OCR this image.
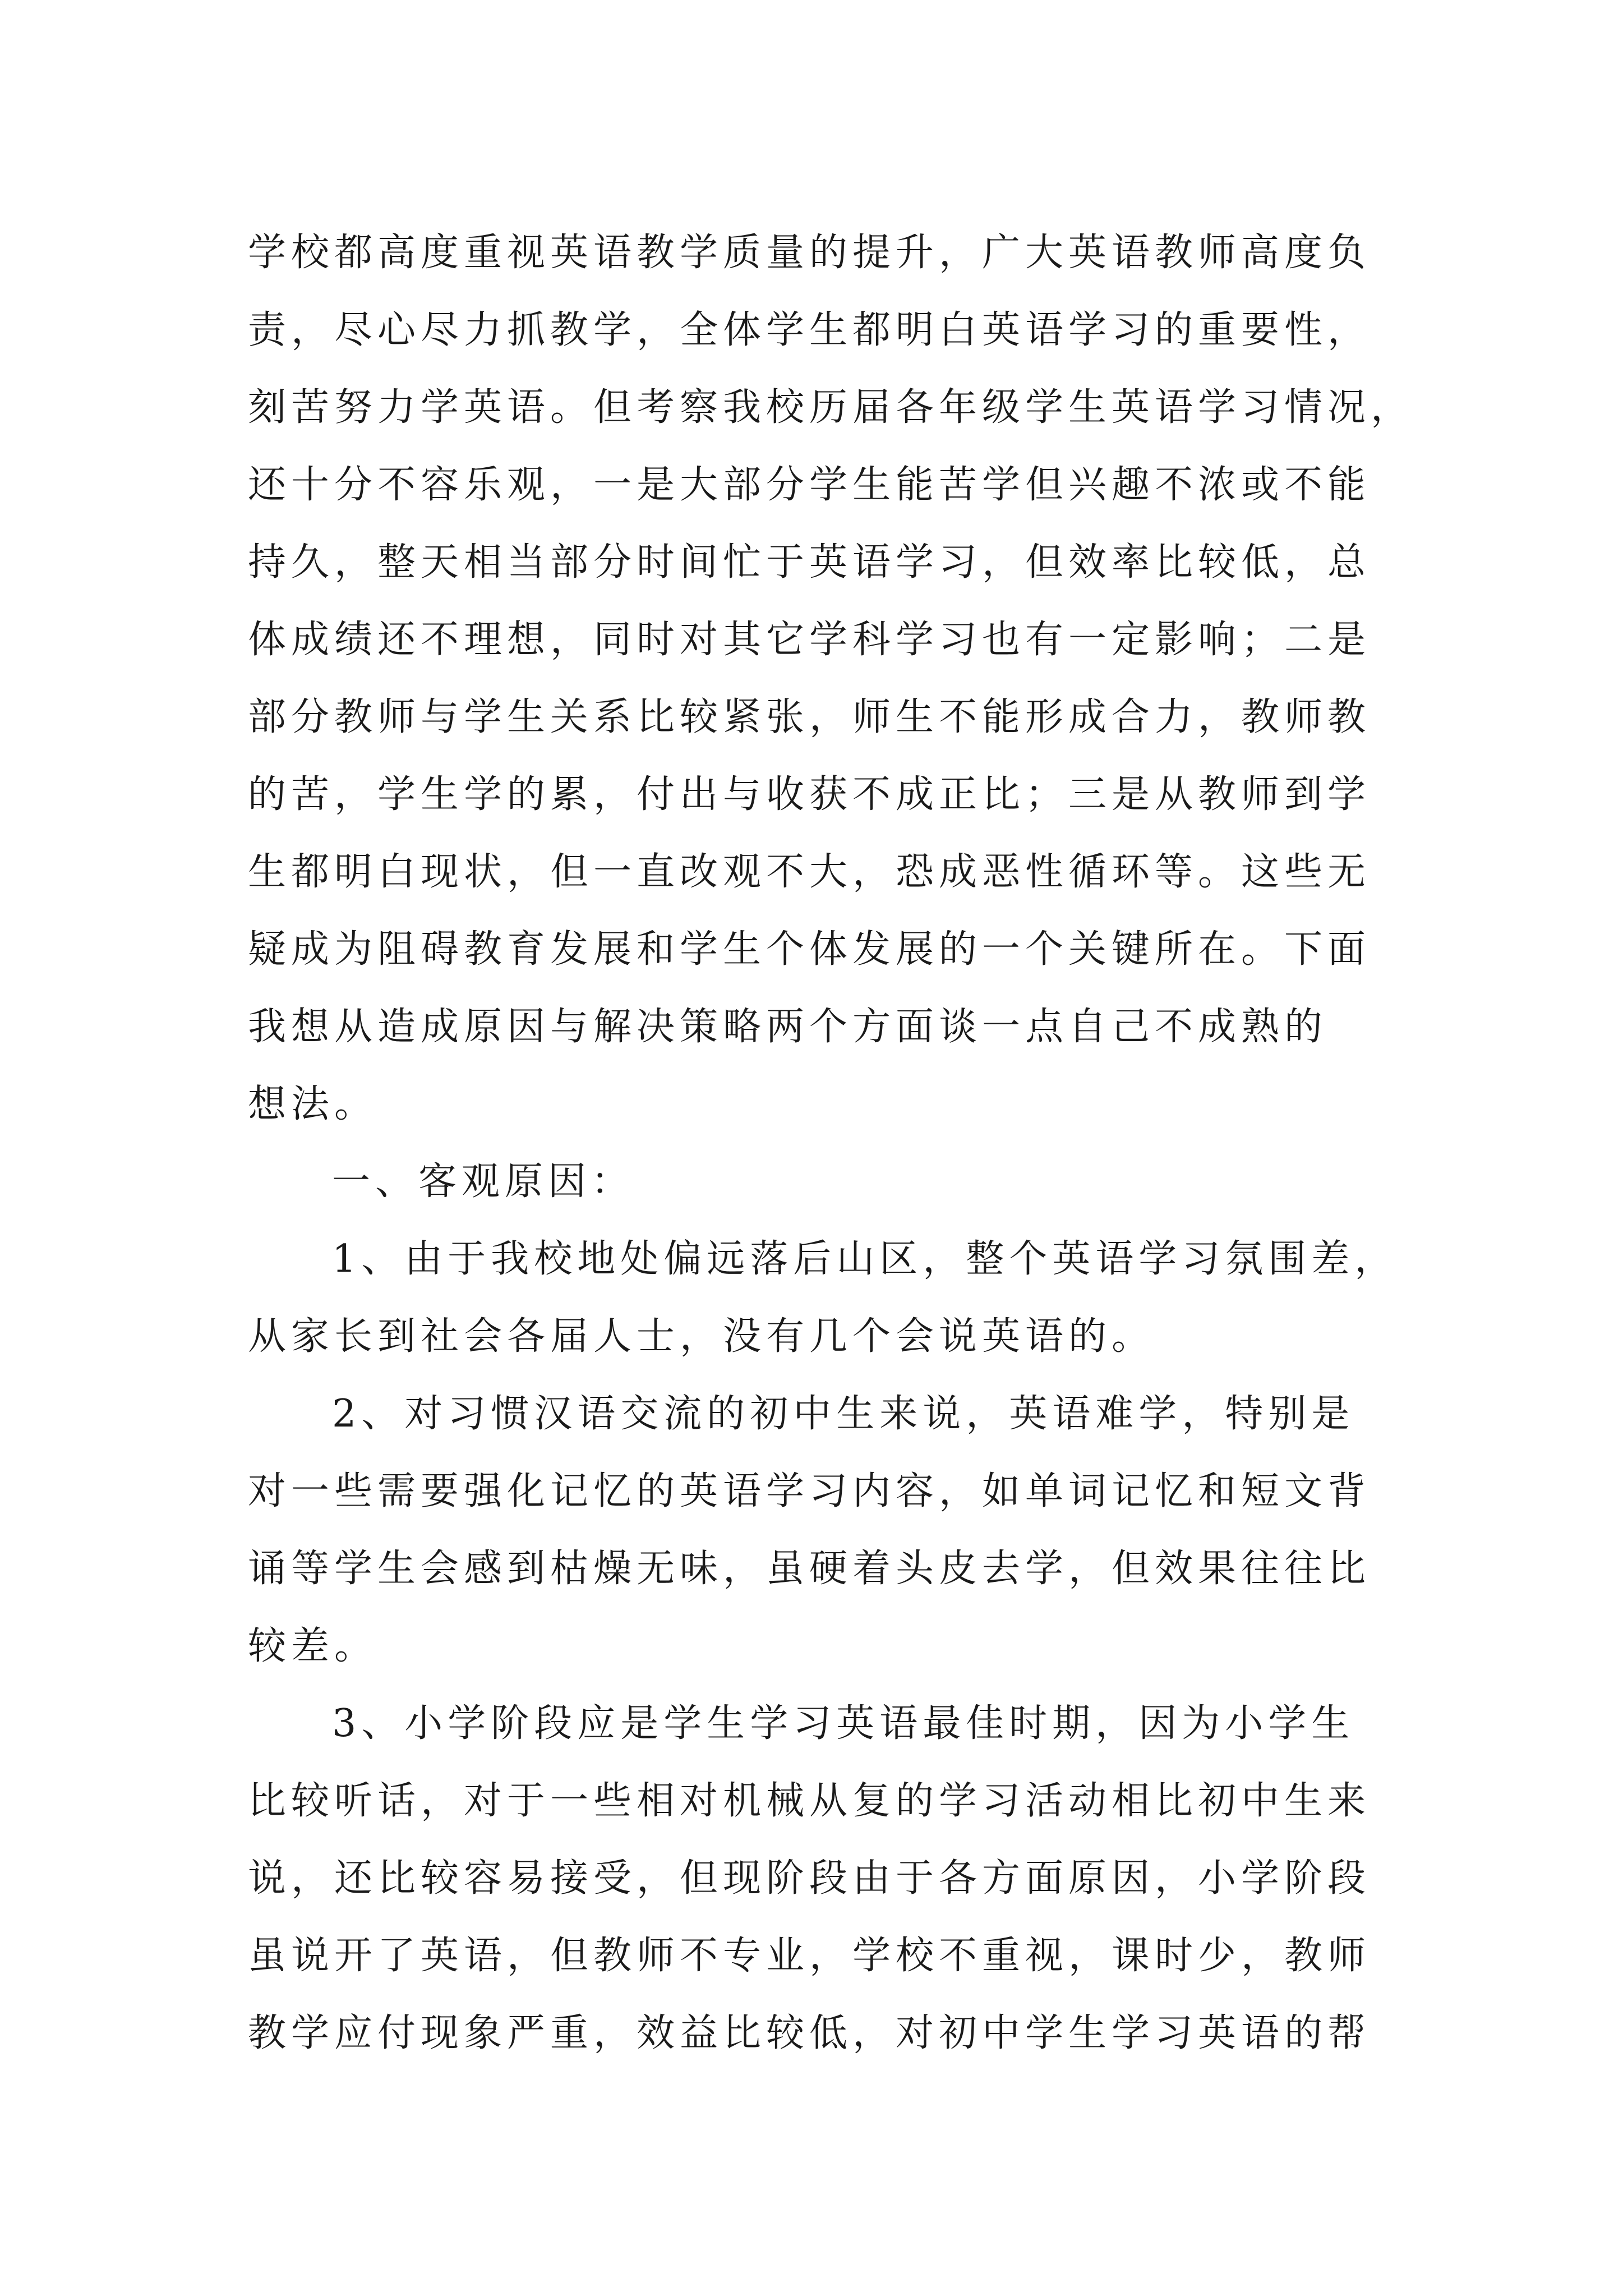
学校都高度重视英语教学质量的提升，广大英语教师高度负
责，尽心尽力抓教学，全体学生都明白英语学习的重要性，
刻苦努力学英语。但考察我校历届各年级学生英语学习情况，
还十分不容乐观，一是大部分学生能苦学但兴趣不浓或不能
持久，整天相当部分时间忙于英语学习，但效率比较低，总
体成绩还不理想，同时对其它学科学习也有一定影响；二是
部分教师与学生关系比较紧张，师生不能形成合力，教师教
的苦，学生学的累，付出与收获不成正比；三是从教师到学
生都明白现状，但一直改观不大，恐成恶性循环等。这些无
疑成为阻碍教育发展和学生个体发展的一个关键所在。下面
我想从造成原因与解决策略两个方面谈一点自己不成熟的
想法。
一、客观原因：
1、由于我校地处偏远落后山区，整个英语学习氛围差，
从家长到社会各届人士，没有几个会说英语的。
2、对习惯汉语交流的初中生来说，英语难学，特别是
对一些需要强化记忆的英语学习内容，如单词记忆和短文背
诵等学生会感到枯燥无味，虽硬着头皮去学，但效果往往比
较差。
3、小学阶段应是学生学习英语最佳时期，因为小学生
比较听话，对于一些相对机械从复的学习活动相比初中生来
说，还比较容易接受，但现阶段由于各方面原因，小学阶段
虽说开了英语，但教师不专业，学校不重视，课时少，教师
教学应付现象严重，效益比较低，对初中学生学习英语的帮
